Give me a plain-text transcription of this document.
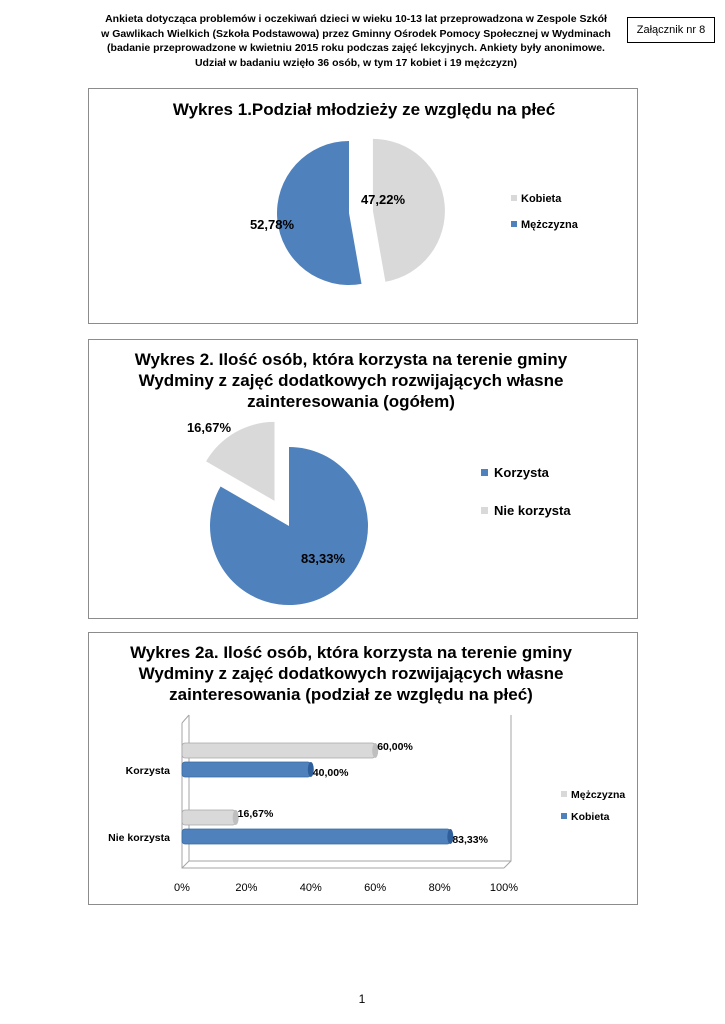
Ankieta dotycząca problemów i oczekiwań dzieci w wieku 10-13 lat przeprowadzona w Zespole Szkół
w Gawlikach Wielkich (Szkoła Podstawowa) przez Gminny Ośrodek Pomocy Społecznej w Wydminach
(badanie przeprowadzone w kwietniu 2015 roku podczas zajęć lekcyjnych. Ankiety były anonimowe.
Udział w badaniu wzięło 36 osób, w tym 17 kobiet i 19 mężczyzn)
Załącznik nr 8
Wykres 1.Podział młodzieży ze względu na płeć
47,22%
52,78%
Kobieta
Mężczyzna
Wykres 2. Ilość osób, która korzysta na terenie gminy
Wydminy z zajęć dodatkowych rozwijających własne
zainteresowania (ogółem)
16,67%
83,33%
Korzysta
Nie korzysta
Wykres 2a. Ilość osób, która korzysta na terenie gminy
Wydminy z zajęć dodatkowych rozwijających własne
zainteresowania (podział ze względu na płeć)
60,00%
40,00%
16,67%
83,33%
0%	20%	40%	60%	80%	100%
Korzysta
Nie korzysta
Mężczyzna
Kobieta
1
